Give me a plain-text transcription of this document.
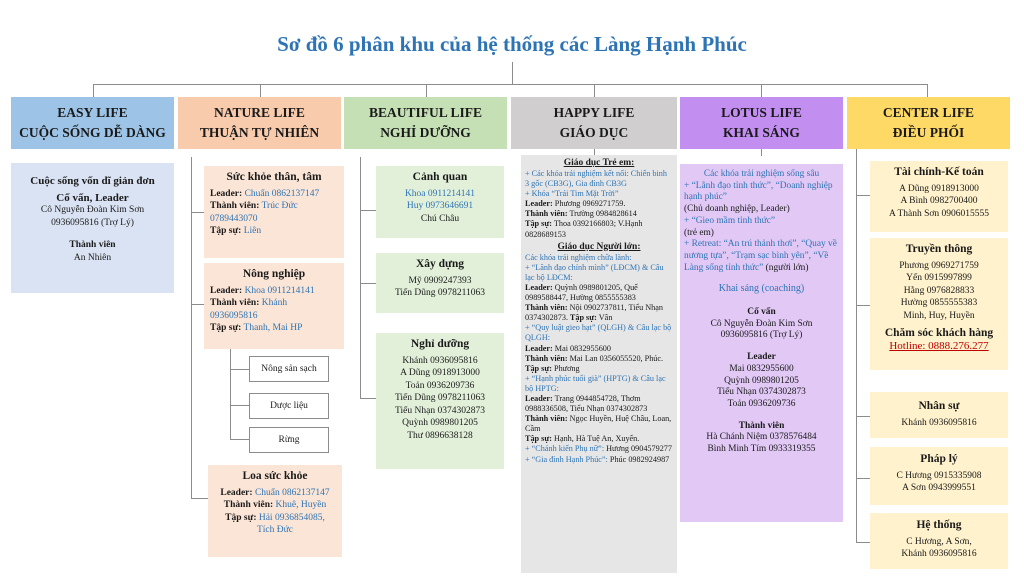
Sơ đồ 6 phân khu của hệ thống các Làng Hạnh Phúc
EASY LIFE
CUỘC SỐNG DỄ DÀNG
Cuộc sống vốn dĩ giản đơn
Cố vấn, Leader
Cô Nguyễn Đoàn Kim Sơn
0936095816 (Trợ Lý)
Thành viên
An Nhiên
NATURE LIFE
THUẬN TỰ NHIÊN
Sức khỏe thân, tâm
Leader: Chuẩn 0862137147
Thành viên: Trúc Đức
0789443070
Tập sự: Liên
Nông nghiệp
Leader: Khoa 0911214141
Thành viên: Khánh
0936095816
Tập sự: Thanh, Mai HP
Nông sản sạch
Dược liệu
Rừng
Loa sức khỏe
Leader: Chuẩn 0862137147
Thành viên: Khuê, Huyền
Tập sự: Hải 0936854085,
Tích Đức
BEAUTIFUL LIFE
NGHỈ DƯỠNG
Cảnh quan
Khoa 0911214141
Huy 0973646691
Chú Châu
Xây dựng
Mỹ 0909247393
Tiến Dũng 0978211063
Nghỉ dưỡng
Khánh 0936095816
A Dũng 0918913000
Toản 0936209736
Tiến Dũng 0978211063
Tiểu Nhạn 0374302873
Quỳnh 0989801205
Thư 0896638128
HAPPY LIFE
GIÁO DỤC
Giáo dục Trẻ em:
+ Các khóa trải nghiệm kết nối: Chiến binh 3 gốc (CB3G), Gia đình CB3G
+ Khóa “Trái Tim Mặt Trời”
Leader: Phương 0969271759.
Thành viên: Trường 0984828614
Tập sự: Thoa 0392166803; V.Hạnh 0828689153
Giáo dục Người lớn:
Các khóa trải nghiệm chữa lành:
+ “Lãnh đạo chính mình” (LĐCM) & Câu lạc bộ LĐCM:
Leader: Quỳnh 0989801205, Quế 0989588447, Hường 0855555383
Thành viên: Nội 0902737811, Tiểu Nhạn 0374302873. Tập sự: Vân
+ “Quy luật gieo hạt” (QLGH) & Câu lạc bộ QLGH:
Leader: Mai 0832955600
Thành viên: Mai Lan 0356055520, Phúc. Tập sự: Phương
+ “Hạnh phúc tuổi già” (HPTG) & Câu lạc bộ HPTG:
Leader: Trang 0944854728, Thơm 0988336508, Tiểu Nhạn 0374302873
Thành viên: Ngọc Huyền, Huệ Châu, Loan, Cầm
Tập sự: Hạnh, Hà Tuệ An, Xuyến.
+ “Chánh kiến Phụ nữ”: Hương 0904579277
+ “Gia đình Hạnh Phúc”: Phúc 0982924987
LOTUS LIFE
KHAI SÁNG
Các khóa trải nghiệm sống sâu
+ “Lãnh đạo tỉnh thức”, “Doanh nghiệp hạnh phúc”
(Chủ doanh nghiệp, Leader)
+ “Gieo mầm tỉnh thức”
(trẻ em)
+ Retreat: “An trú thảnh thơi”, “Quay về nương tựa”, “Trạm sạc bình yên”, “Về Làng sống tỉnh thức” (người lớn)
Khai sáng (coaching)
Cố vấn
Cô Nguyễn Đoàn Kim Sơn
0936095816 (Trợ Lý)
Leader
Mai 0832955600
Quỳnh 0989801205
Tiểu Nhạn 0374302873
Toản 0936209736
Thành viên
Hà Chánh Niệm 0378576484
Bình Minh Tím 0933319355
CENTER LIFE
ĐIỀU PHỐI
Tài chính-Kế toán
A Dũng 0918913000
A Bình 0982700400
A Thành Sơn 0906015555
Truyền thông
Phương 0969271759
Yến 0915997899
Hằng 0976828833
Hường 0855555383
Minh, Huy, Huyền
Chăm sóc khách hàng
Hotline: 0888.276.277
Nhân sự
Khánh 0936095816
Pháp lý
C Hương 0915335908
A Sơn 0943999551
Hệ thống
C Hương, A Sơn,
Khánh 0936095816
